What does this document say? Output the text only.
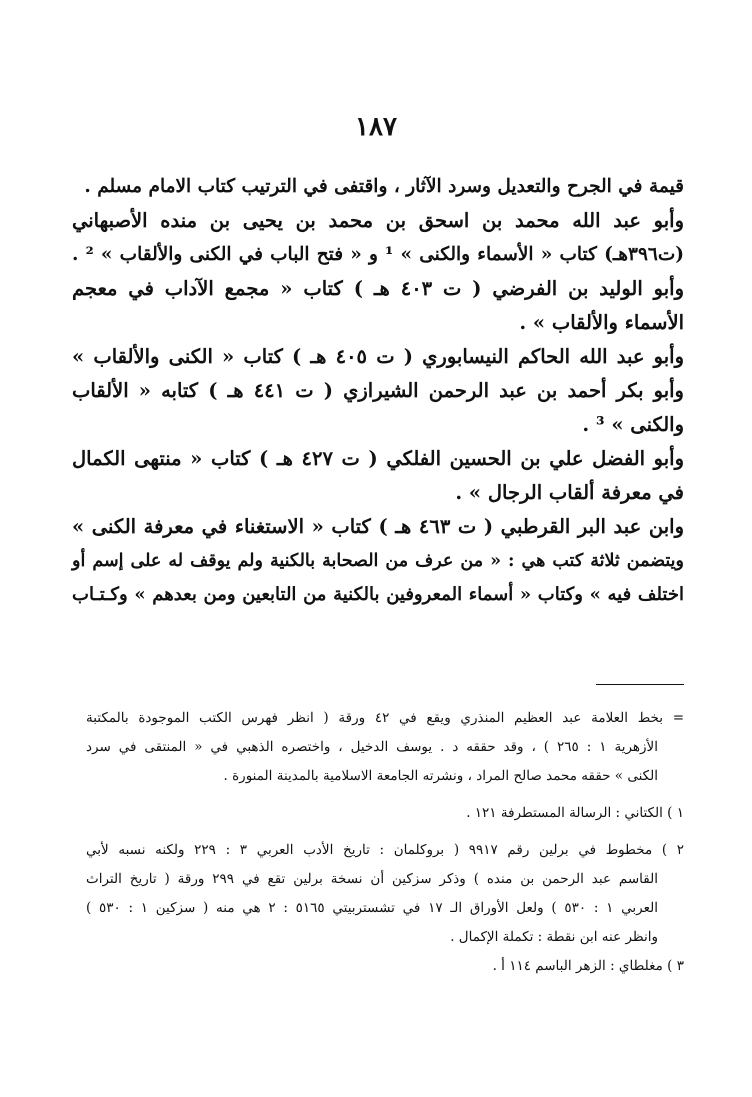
١٨٧
قيمة في الجرح والتعديل وسرد الآثار ، واقتفى في الترتيب كتاب الامام مسلم .
وأبو عبد الله محمد بن اسحق بن محمد بن يحيى بن منده الأصبهاني
(ت٣٩٦هـ) كتاب « الأسماء والكنى » ¹ و « فتح الباب في الكنى والألقاب » ² .
وأبو الوليد بن الفرضي ( ت ٤٠٣ هـ ) كتاب « مجمع الآداب في معجم
الأسماء والألقاب » .
وأبو عبد الله الحاكم النيسابوري ( ت ٤٠٥ هـ ) كتاب « الكنى والألقاب »
وأبو بكر أحمد بن عبد الرحمن الشيرازي ( ت ٤٤١ هـ ) كتابه « الألقاب
والكنى » ³ .
وأبو الفضل علي بن الحسين الفلكي ( ت ٤٢٧ هـ ) كتاب « منتهى الكمال
في معرفة ألقاب الرجال » .
وابن عبد البر القرطبي ( ت ٤٦٣ هـ ) كتاب « الاستغناء في معرفة الكنى »
ويتضمن ثلاثة كتب هي : « من عرف من الصحابة بالكنية ولم يوقف له على إسم أو
اختلف فيه » وكتاب « أسماء المعروفين بالكنية من التابعين ومن بعدهم » وكـتـاب
= بخط العلامة عبد العظيم المنذري ويقع في ٤٢ ورقة ( انظر فهرس الكتب الموجودة بالمكتبة
الأزهرية ١ : ٢٦٥ ) ، وقد حققه د . يوسف الدخيل ، واختصره الذهبي في « المنتقى في سرد
الكنى » حققه محمد صالح المراد ، ونشرته الجامعة الاسلامية بالمدينة المنورة .
١ ) الكتاني : الرسالة المستطرفة ١٢١ .
٢ ) مخطوط في برلين رقم ٩٩١٧ ( بروكلمان : تاريخ الأدب العربي ٣ : ٢٢٩ ولكنه نسبه لأبي
القاسم عبد الرحمن بن منده ) وذكر سزكين أن نسخة برلين تقع في ٢٩٩ ورقة ( تاريخ التراث
العربي ١ : ٥٣٠ ) ولعل الأوراق الـ ١٧ في تشستربيتي ٥١٦٥ : ٢ هي منه ( سزكين ١ : ٥٣٠ )
وانظر عنه ابن نقطة : تكملة الإكمال .
٣ ) مغلطاي : الزهر الباسم ١١٤ أ .
